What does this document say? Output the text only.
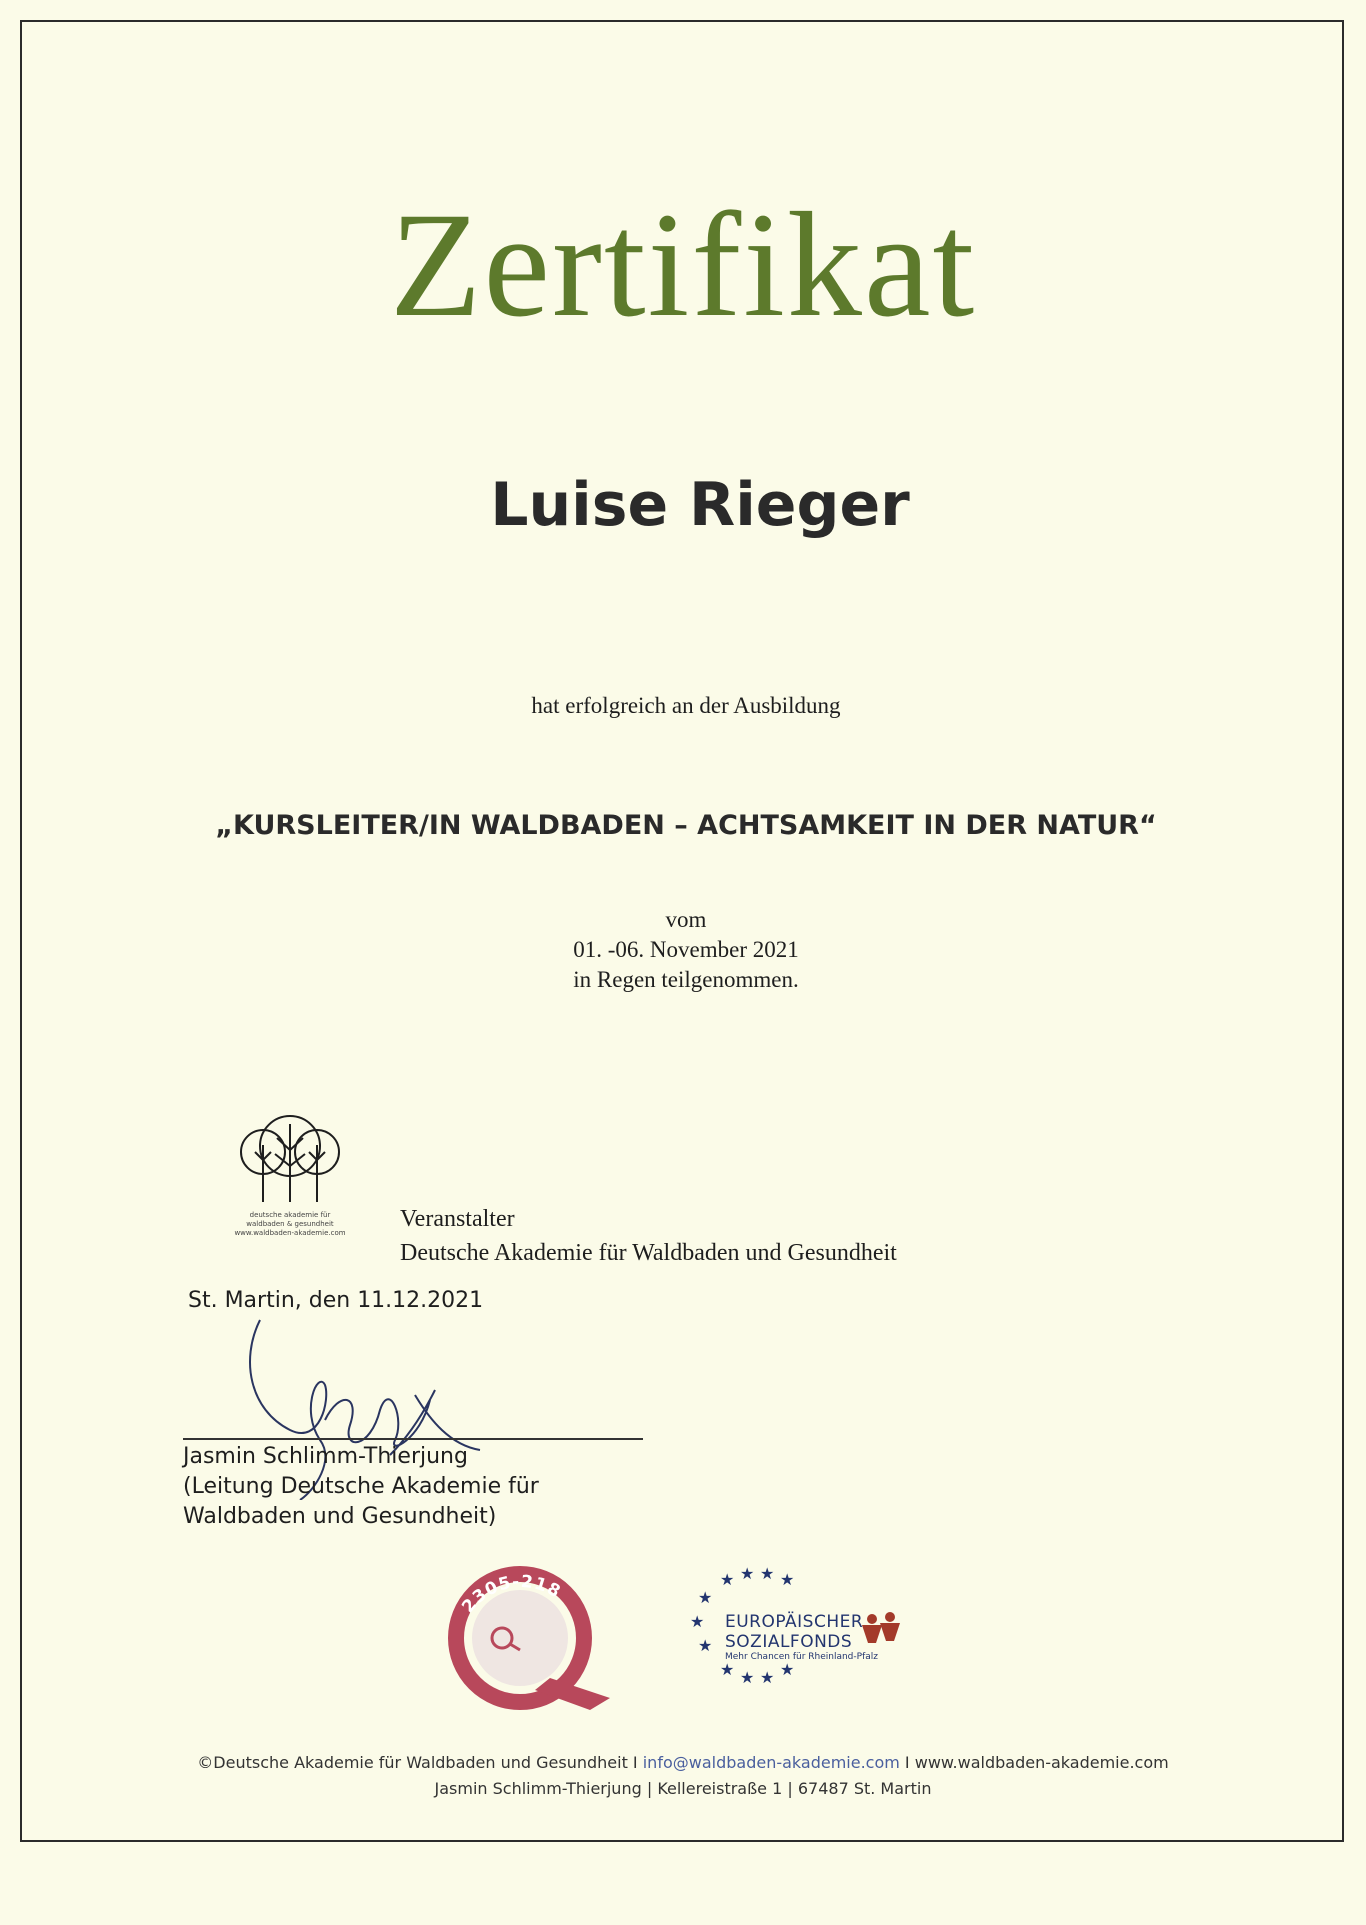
Zertifikat
Luise Rieger
hat erfolgreich an der Ausbildung
„KURSLEITER/IN WALDBADEN – ACHTSAMKEIT IN DER NATUR“
vom
01. -06. November 2021
in Regen teilgenommen.
deutsche akademie für
waldbaden & gesundheit
www.waldbaden-akademie.com
Veranstalter
Deutsche Akademie für Waldbaden und Gesundheit
St. Martin, den 11.12.2021
Jasmin Schlimm-Thierjung
(Leitung Deutsche Akademie für
Waldbaden und Gesundheit)
2305-218	★ ★ ★ ★
★
★
★
★ ★ ★ ★
EUROPÄISCHER
SOZIALFONDS
Mehr Chancen für Rheinland-Pfalz
©Deutsche Akademie für Waldbaden und Gesundheit I info@waldbaden-akademie.com I www.waldbaden-akademie.com
Jasmin Schlimm-Thierjung | Kellereistraße 1 | 67487 St. Martin
